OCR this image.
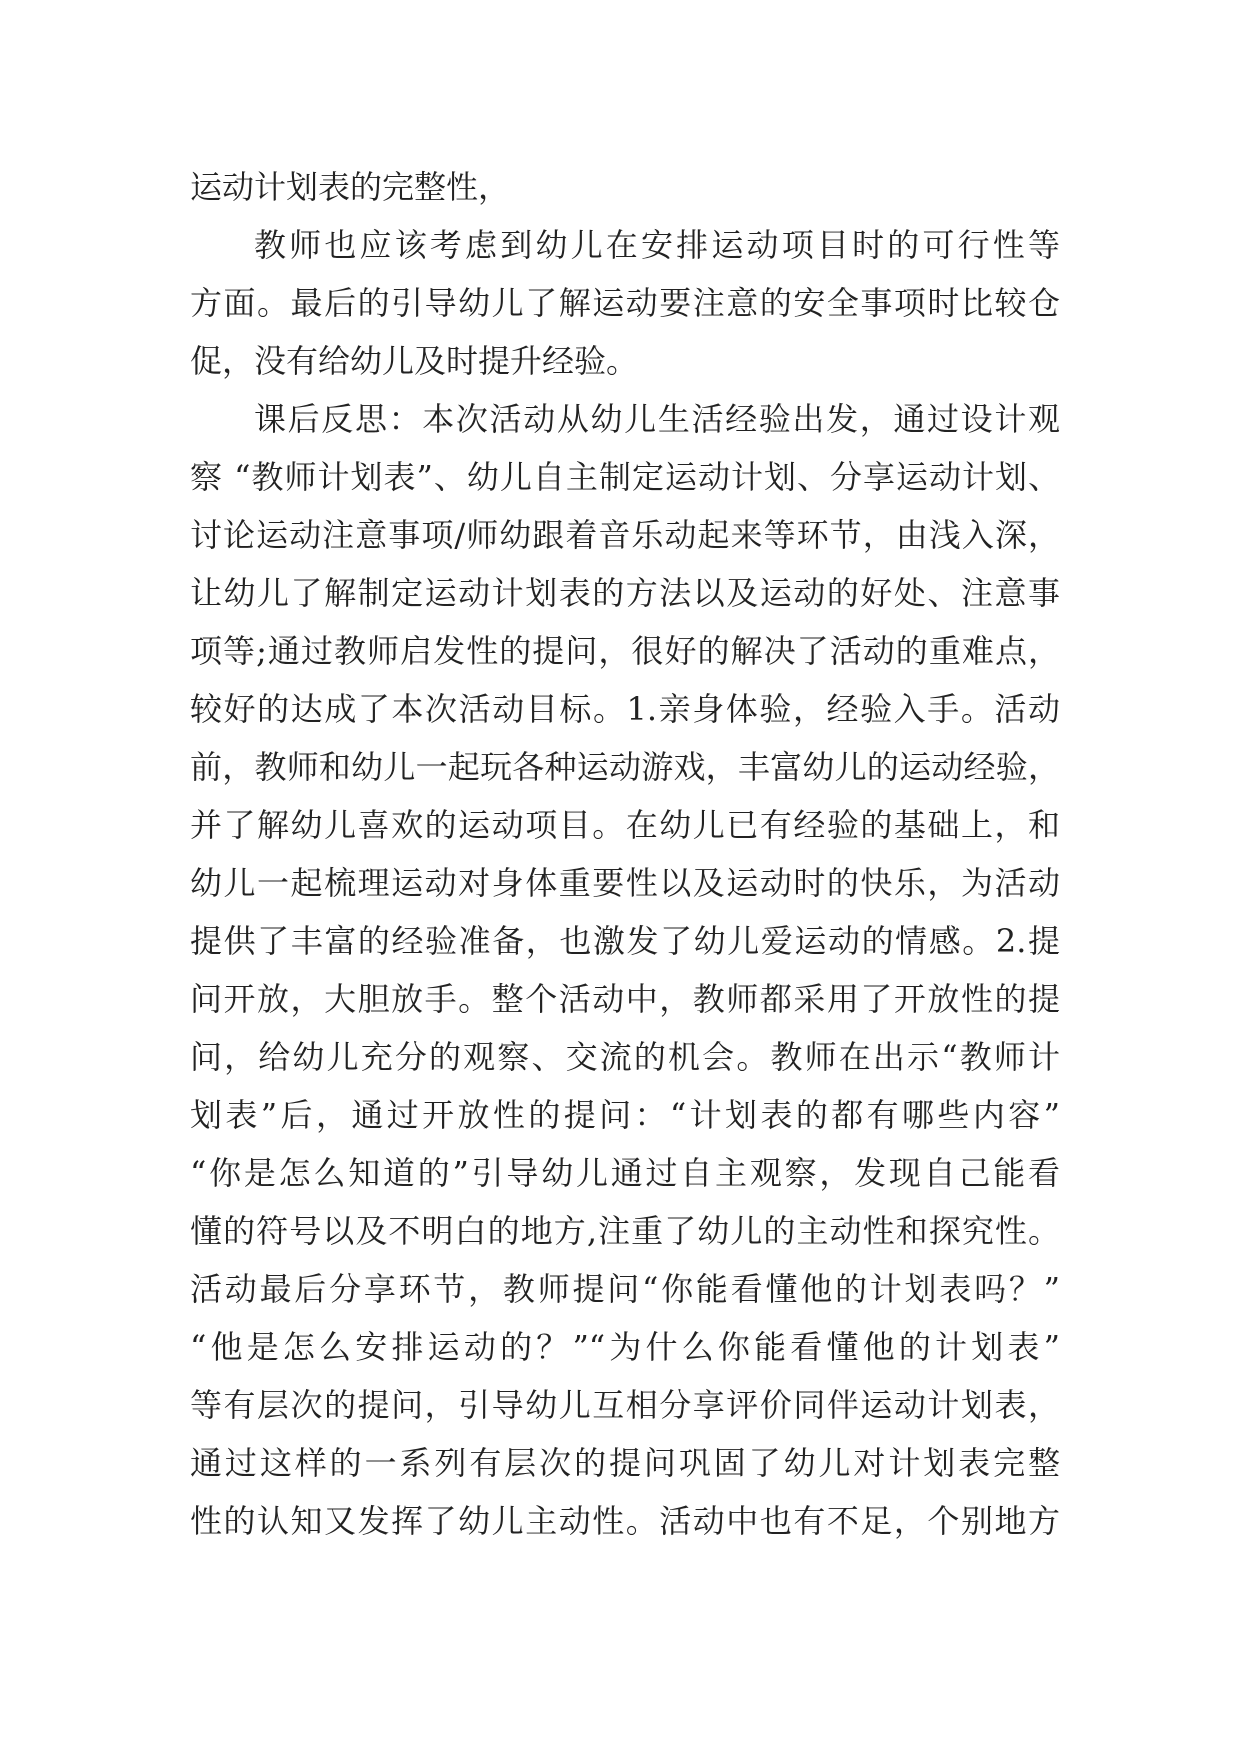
运动计划表的完整性，
教师也应该考虑到幼儿在安排运动项目时的可行性等
方面。最后的引导幼儿了解运动要注意的安全事项时比较仓
促，没有给幼儿及时提升经验。
课后反思：本次活动从幼儿生活经验出发，通过设计观
察 “教师计划表”、幼儿自主制定运动计划、分享运动计划、
讨论运动注意事项/师幼跟着音乐动起来等环节，由浅入深，
让幼儿了解制定运动计划表的方法以及运动的好处、注意事
项等;通过教师启发性的提问，很好的解决了活动的重难点，
较好的达成了本次活动目标。1.亲身体验，经验入手。活动
前，教师和幼儿一起玩各种运动游戏，丰富幼儿的运动经验，
并了解幼儿喜欢的运动项目。在幼儿已有经验的基础上，和
幼儿一起梳理运动对身体重要性以及运动时的快乐，为活动
提供了丰富的经验准备，也激发了幼儿爱运动的情感。2.提
问开放，大胆放手。整个活动中，教师都采用了开放性的提
问，给幼儿充分的观察、交流的机会。教师在出示“教师计
划表”后，通过开放性的提问：“计划表的都有哪些内容”
“你是怎么知道的”引导幼儿通过自主观察，发现自己能看
懂的符号以及不明白的地方,注重了幼儿的主动性和探究性。
活动最后分享环节，教师提问“你能看懂他的计划表吗？”
“他是怎么安排运动的？”“为什么你能看懂他的计划表”
等有层次的提问，引导幼儿互相分享评价同伴运动计划表，
通过这样的一系列有层次的提问巩固了幼儿对计划表完整
性的认知又发挥了幼儿主动性。活动中也有不足，个别地方
